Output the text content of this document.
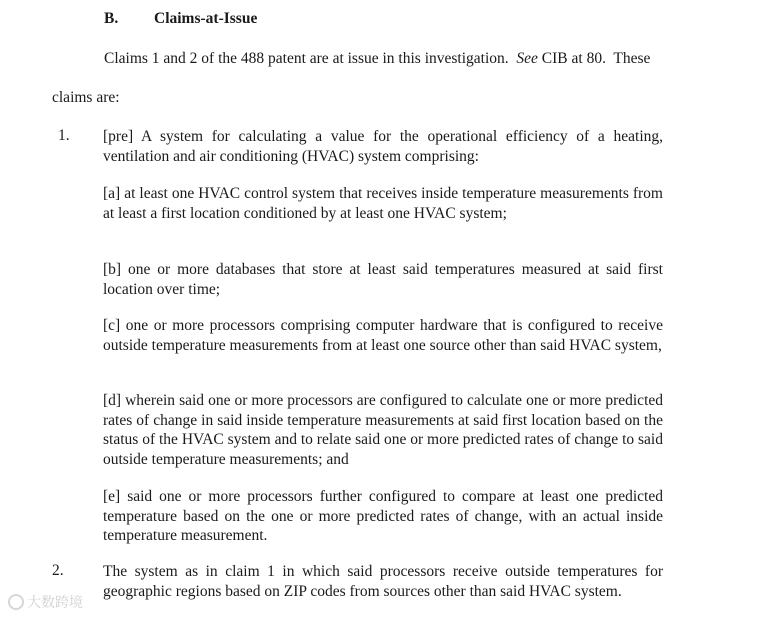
B. Claims-at-Issue
Claims 1 and 2 of the 488 patent are at issue in this investigation.  See CIB at 80.  These
claims are:
1. [pre] A system for calculating a value for the operational efficiency of a heating, ventilation and air conditioning (HVAC) system comprising:
[a] at least one HVAC control system that receives inside temperature measurements from at least a first location conditioned by at least one HVAC system;
[b] one or more databases that store at least said temperatures measured at said first location over time;
[c] one or more processors comprising computer hardware that is configured to receive outside temperature measurements from at least one source other than said HVAC system,
[d] wherein said one or more processors are configured to calculate one or more predicted rates of change in said inside temperature measurements at said first location based on the status of the HVAC system and to relate said one or more predicted rates of change to said outside temperature measurements; and
[e] said one or more processors further configured to compare at least one predicted temperature based on the one or more predicted rates of change, with an actual inside temperature measurement.
2.	The system as in claim 1 in which said processors receive outside temperatures for geographic regions based on ZIP codes from sources other than said HVAC system.
大数跨境
